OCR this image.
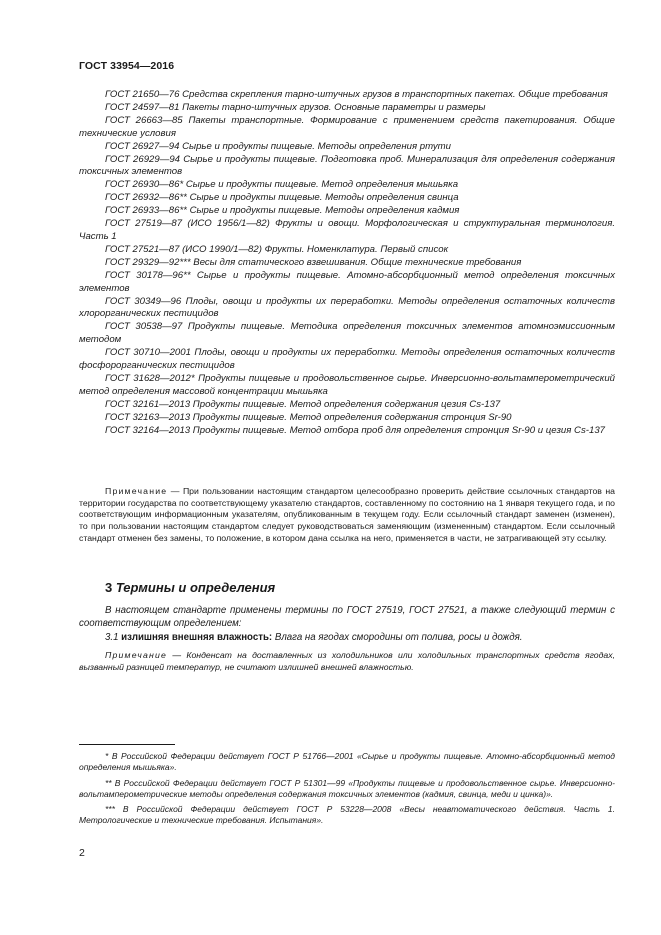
ГОСТ 33954—2016

ГОСТ 21650—76 Средства скрепления тарно-штучных грузов в транспортных пакетах. Общие требования

ГОСТ 24597—81 Пакеты тарно-штучных грузов. Основные параметры и размеры

ГОСТ 26663—85 Пакеты транспортные. Формирование с применением средств пакетирования. Общие технические условия

ГОСТ 26927—94 Сырье и продукты пищевые. Методы определения ртути

ГОСТ 26929—94 Сырье и продукты пищевые. Подготовка проб. Минерализация для определения содержания токсичных элементов

ГОСТ 26930—86* Сырье и продукты пищевые. Метод определения мышьяка

ГОСТ 26932—86** Сырье и продукты пищевые. Методы определения свинца

ГОСТ 26933—86** Сырье и продукты пищевые. Методы определения кадмия

ГОСТ 27519—87 (ИСО 1956/1—82) Фрукты и овощи. Морфологическая и структуральная терминология. Часть 1

ГОСТ 27521—87 (ИСО 1990/1—82) Фрукты. Номенклатура. Первый список

ГОСТ 29329—92*** Весы для статического взвешивания. Общие технические требования

ГОСТ 30178—96** Сырье и продукты пищевые. Атомно-абсорбционный метод определения токсичных элементов

ГОСТ 30349—96 Плоды, овощи и продукты их переработки. Методы определения остаточных количеств хлорорганических пестицидов

ГОСТ 30538—97 Продукты пищевые. Методика определения токсичных элементов атомноэмиссионным методом

ГОСТ 30710—2001 Плоды, овощи и продукты их переработки. Методы определения остаточных количеств фосфорорганических пестицидов

ГОСТ 31628—2012* Продукты пищевые и продовольственное сырье. Инверсионно-вольтамперометрический метод определения массовой концентрации мышьяка

ГОСТ 32161—2013 Продукты пищевые. Метод определения содержания цезия Cs-137

ГОСТ 32163—2013 Продукты пищевые. Метод определения содержания стронция Sr-90

ГОСТ 32164—2013 Продукты пищевые. Метод отбора проб для определения стронция Sr-90 и цезия Cs-137

Примечание — При пользовании настоящим стандартом целесообразно проверить действие ссылочных стандартов на территории государства по соответствующему указателю стандартов, составленному по состоянию на 1 января текущего года, и по соответствующим информационным указателям, опубликованным в текущем году. Если ссылочный стандарт заменен (изменен), то при пользовании настоящим стандартом следует руководствоваться заменяющим (измененным) стандартом. Если ссылочный стандарт отменен без замены, то положение, в котором дана ссылка на него, применяется в части, не затрагивающей эту ссылку.

3 Термины и определения

В настоящем стандарте применены термины по ГОСТ 27519, ГОСТ 27521, а также следующий термин с соответствующим определением:

3.1 излишняя внешняя влажность: Влага на ягодах смородины от полива, росы и дождя.

Примечание — Конденсат на доставленных из холодильников или холодильных транспортных средств ягодах, вызванный разницей температур, не считают излишней внешней влажностью.

* В Российской Федерации действует ГОСТ Р 51766—2001 «Сырье и продукты пищевые. Атомно-абсорбционный метод определения мышьяка».

** В Российской Федерации действует ГОСТ Р 51301—99 «Продукты пищевые и продовольственное сырье. Инверсионно-вольтамперометрические методы определения содержания токсичных элементов (кадмия, свинца, меди и цинка)».

*** В Российской Федерации действует ГОСТ Р 53228—2008 «Весы неавтоматического действия. Часть 1. Метрологические и технические требования. Испытания».

2
